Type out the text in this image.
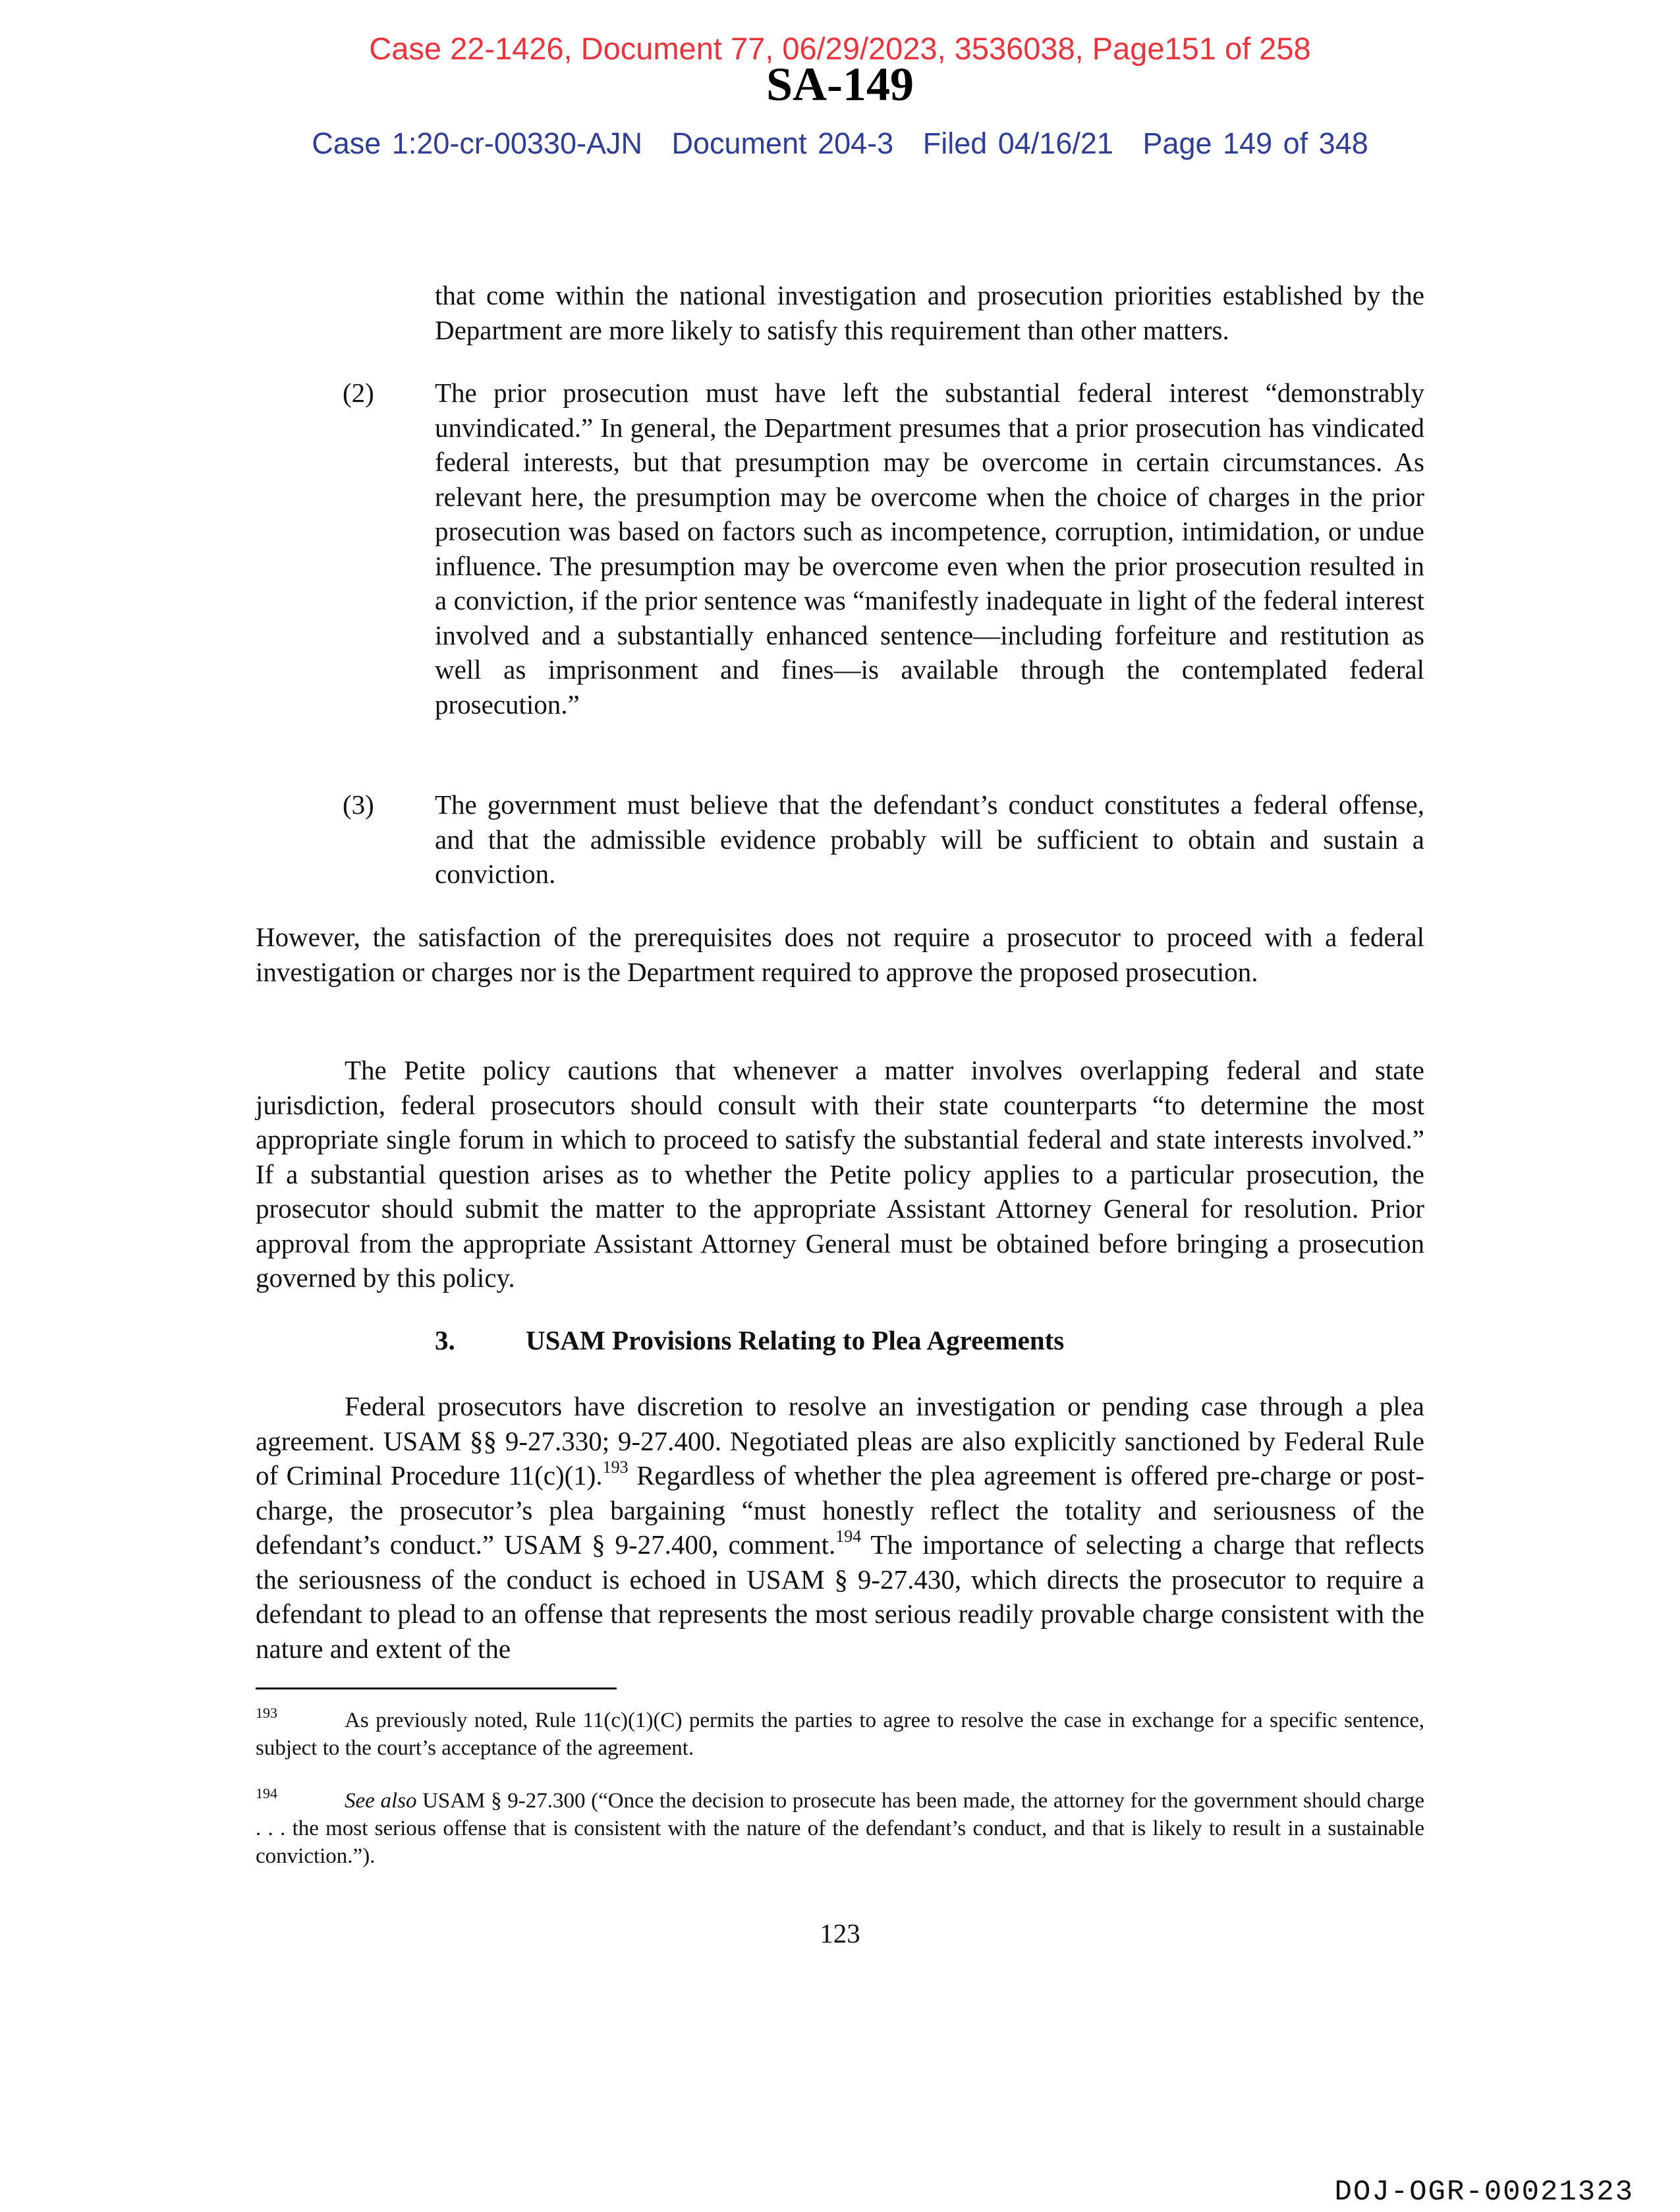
Case 22-1426, Document 77, 06/29/2023, 3536038, Page151 of 258
SA-149
Case 1:20-cr-00330-AJN Document 204-3 Filed 04/16/21 Page 149 of 348
that come within the national investigation and prosecution priorities established by the Department are more likely to satisfy this requirement than other matters.
(2) The prior prosecution must have left the substantial federal interest “demonstrably unvindicated.” In general, the Department presumes that a prior prosecution has vindicated federal interests, but that presumption may be overcome in certain circumstances. As relevant here, the presumption may be overcome when the choice of charges in the prior prosecution was based on factors such as incompetence, corruption, intimidation, or undue influence. The presumption may be overcome even when the prior prosecution resulted in a conviction, if the prior sentence was “manifestly inadequate in light of the federal interest involved and a substantially enhanced sentence—including forfeiture and restitution as well as imprisonment and fines—is available through the contemplated federal prosecution.”
(3) The government must believe that the defendant’s conduct constitutes a federal offense, and that the admissible evidence probably will be sufficient to obtain and sustain a conviction.
However, the satisfaction of the prerequisites does not require a prosecutor to proceed with a federal investigation or charges nor is the Department required to approve the proposed prosecution.
The Petite policy cautions that whenever a matter involves overlapping federal and state jurisdiction, federal prosecutors should consult with their state counterparts “to determine the most appropriate single forum in which to proceed to satisfy the substantial federal and state interests involved.” If a substantial question arises as to whether the Petite policy applies to a particular prosecution, the prosecutor should submit the matter to the appropriate Assistant Attorney General for resolution. Prior approval from the appropriate Assistant Attorney General must be obtained before bringing a prosecution governed by this policy.
3.	USAM Provisions Relating to Plea Agreements
Federal prosecutors have discretion to resolve an investigation or pending case through a plea agreement. USAM §§ 9-27.330; 9-27.400. Negotiated pleas are also explicitly sanctioned by Federal Rule of Criminal Procedure 11(c)(1).$^{193}$ Regardless of whether the plea agreement is offered pre-charge or post-charge, the prosecutor’s plea bargaining “must honestly reflect the totality and seriousness of the defendant’s conduct.” USAM § 9-27.400, comment.$^{194}$ The importance of selecting a charge that reflects the seriousness of the conduct is echoed in USAM § 9-27.430, which directs the prosecutor to require a defendant to plead to an offense that represents the most serious readily provable charge consistent with the nature and extent of the
193	As previously noted, Rule 11(c)(1)(C) permits the parties to agree to resolve the case in exchange for a specific sentence, subject to the court’s acceptance of the agreement.
194	See also USAM § 9-27.300 (“Once the decision to prosecute has been made, the attorney for the government should charge . . . the most serious offense that is consistent with the nature of the defendant’s conduct, and that is likely to result in a sustainable conviction.”).
123
DOJ-OGR-00021323
